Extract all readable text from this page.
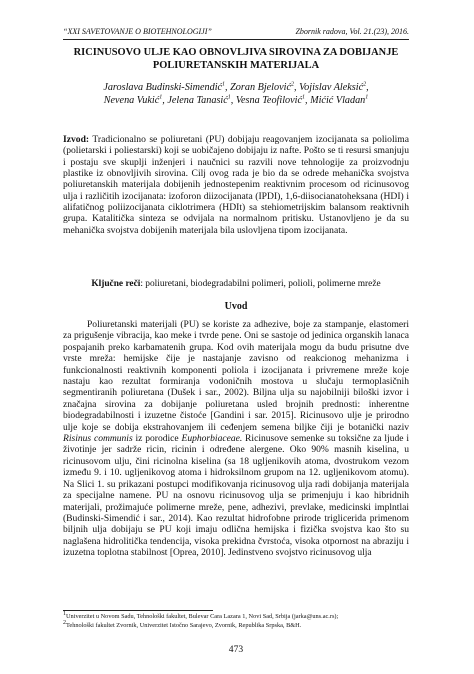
“XXI SAVETOVANJE O BIOTEHNOLOGIJI”	Zbornik radova, Vol. 21.(23), 2016.
RICINUSOVO ULJE KAO OBNOVLJIVA SIROVINA ZA DOBIJANJE
POLIURETANSKIH MATERIJALA
Jaroslava Budinski-Simendić$^1$, Zoran Bjelović$^2$, Vojislav Aleksić$^2$,
Nevena Vukić$^1$, Jelena Tanasić$^1$, Vesna Teofilović$^1$, Mićić Vladan$^1$

Izvod: Tradicionalno se poliuretani (PU) dobijaju reagovanjem izocijanata sa poliolima (polietarski i poliestarski) koji se uobičajeno dobijaju iz nafte. Pošto se ti resursi smanjuju i postaju sve skuplji inženjeri i naučnici su razvili nove tehnologije za proizvodnju plastike iz obnovljivih sirovina. Cilj ovog rada je bio da se odrede mehanička svojstva poliuretanskih materijala dobijenih jednostepenim reaktivnim procesom od ricinusovog ulja i različitih izocijanata: izoforon diizocijanata (IPDI), 1,6-diisocianatoheksana (HDI) i alifatičnog poliizocijanata ciklotrimera (HDIt) sa stehiometrijskim balansom reaktivnih grupa. Katalitička sinteza se odvijala na normalnom pritisku. Ustanovljeno je da su mehanička svojstva dobijenih materijala bila uslovljena tipom izocijanata.

Ključne reči: poliuretani, biodegradabilni polimeri, polioli, polimerne mreže
Uvod

Poliuretanski materijali (PU) se koriste za adhezive, boje za stampanje, elastomeri za prigušenje vibracija, kao meke i tvrde pene. Oni se sastoje od jedinica organskih lanaca pospajanih preko karbamatenih grupa. Kod ovih materijala mogu da budu prisutne dve vrste mreža: hemijske čije je nastajanje zavisno od reakcionog mehanizma i funkcionalnosti reaktivnih komponenti poliola i izocijanata i privremene mreže koje nastaju kao rezultat formiranja vodoničnih mostova u slučaju termoplasičnih segmentiranih poliuretana (Dušek i sar., 2002). Biljna ulja su najobilniji biloški izvor i značajna sirovina za dobijanje poliuretana usled brojnih prednosti: inherentne biodegradabilnosti i izuzetne čistoće [Gandini i sar. 2015]. Ricinusovo ulje je prirodno ulje koje se dobija ekstrahovanjem ili ceđenjem semena biljke čiji je botanički naziv Risinus communis iz porodice Euphorbiaceae. Ricinusove semenke su toksične za ljude i životinje jer sadrže ricin, ricinin i određene alergene. Oko 90% masnih kiselina, u ricinusovom ulju, čini ricinolna kiselina (sa 18 ugljenikovih atoma, dvostrukom vezom između 9. i 10. ugljenikovog atoma i hidroksilnom grupom na 12. ugljenikovom atomu). Na Slici 1. su prikazani postupci modifikovanja ricinusovog ulja radi dobijanja materijala za specijalne namene. PU na osnovu ricinusovog ulja se primenjuju i kao hibridnih materijali, prožimajuće polimerne mreže, pene, adhezivi, prevlake, medicinski implntlai (Budinski-Simendić i sar., 2014). Kao rezultat hidrofobne prirode triglicerida primenom biljnih ulja dobijaju se PU koji imaju odlična hemijska i fizička svojstva kao što su naglašena hidrolitička tendencija, visoka prekidna čvrstoća, visoka otpornost na abraziju i izuzetna toplotna stabilnost [Oprea, 2010]. Jedinstveno svojstvo ricinusovog ulja

$^1$Univerzitet u Novom Sadu, Tehnološki fakultet, Bulevar Cara Lazara 1, Novi Sad, Srbija (jarka@uns.ac.rs);
$^2$Tehnološki fakultet Zvornik, Univerzitet Istočno Sarajevo, Zvornik, Republika Srpska, B&H.
473
